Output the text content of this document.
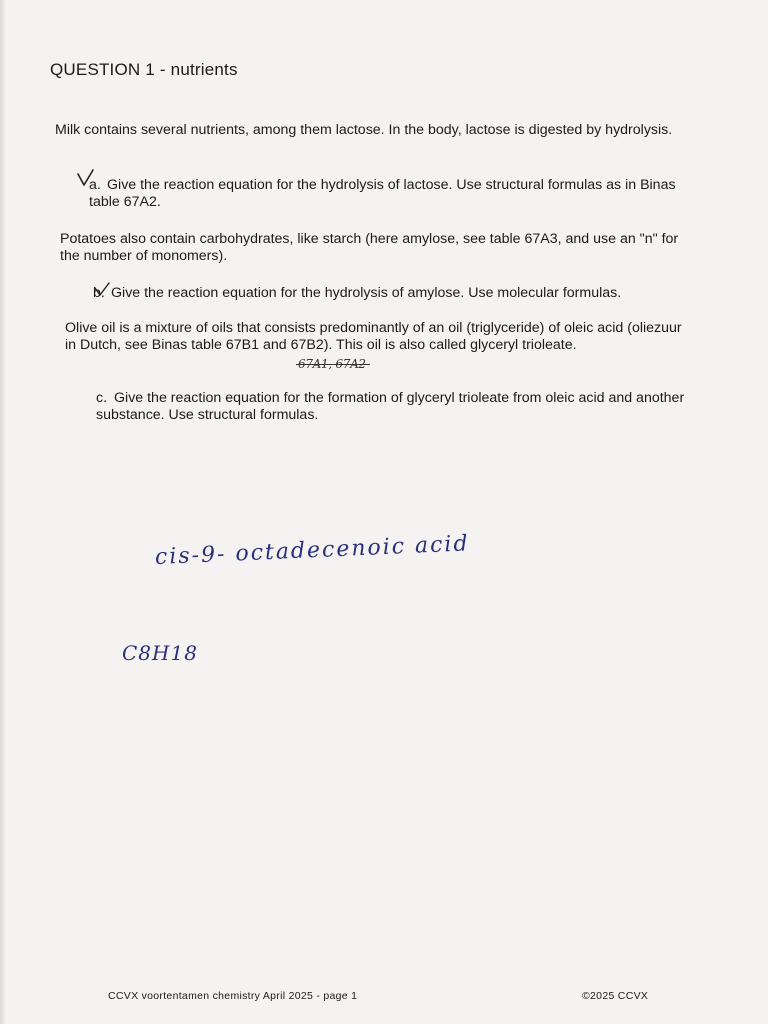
QUESTION 1 - nutrients

Milk contains several nutrients, among them lactose. In the body, lactose is digested by hydrolysis.

a. Give the reaction equation for the hydrolysis of lactose. Use structural formulas as in Binas table 67A2.

Potatoes also contain carbohydrates, like starch (here amylose, see table 67A3, and use an "n" for the number of monomers).

b. Give the reaction equation for the hydrolysis of amylose. Use molecular formulas.

Olive oil is a mixture of oils that consists predominantly of an oil (triglyceride) of oleic acid (oliezuur in Dutch, see Binas table 67B1 and 67B2). This oil is also called glyceryl trioleate.

67A1, 67A2
c. Give the reaction equation for the formation of glyceryl trioleate from oleic acid and another substance. Use structural formulas.
cis-9- octadecenoic acid
C8H18
CCVX voortentamen chemistry April 2025 - page 1	©2025 CCVX
